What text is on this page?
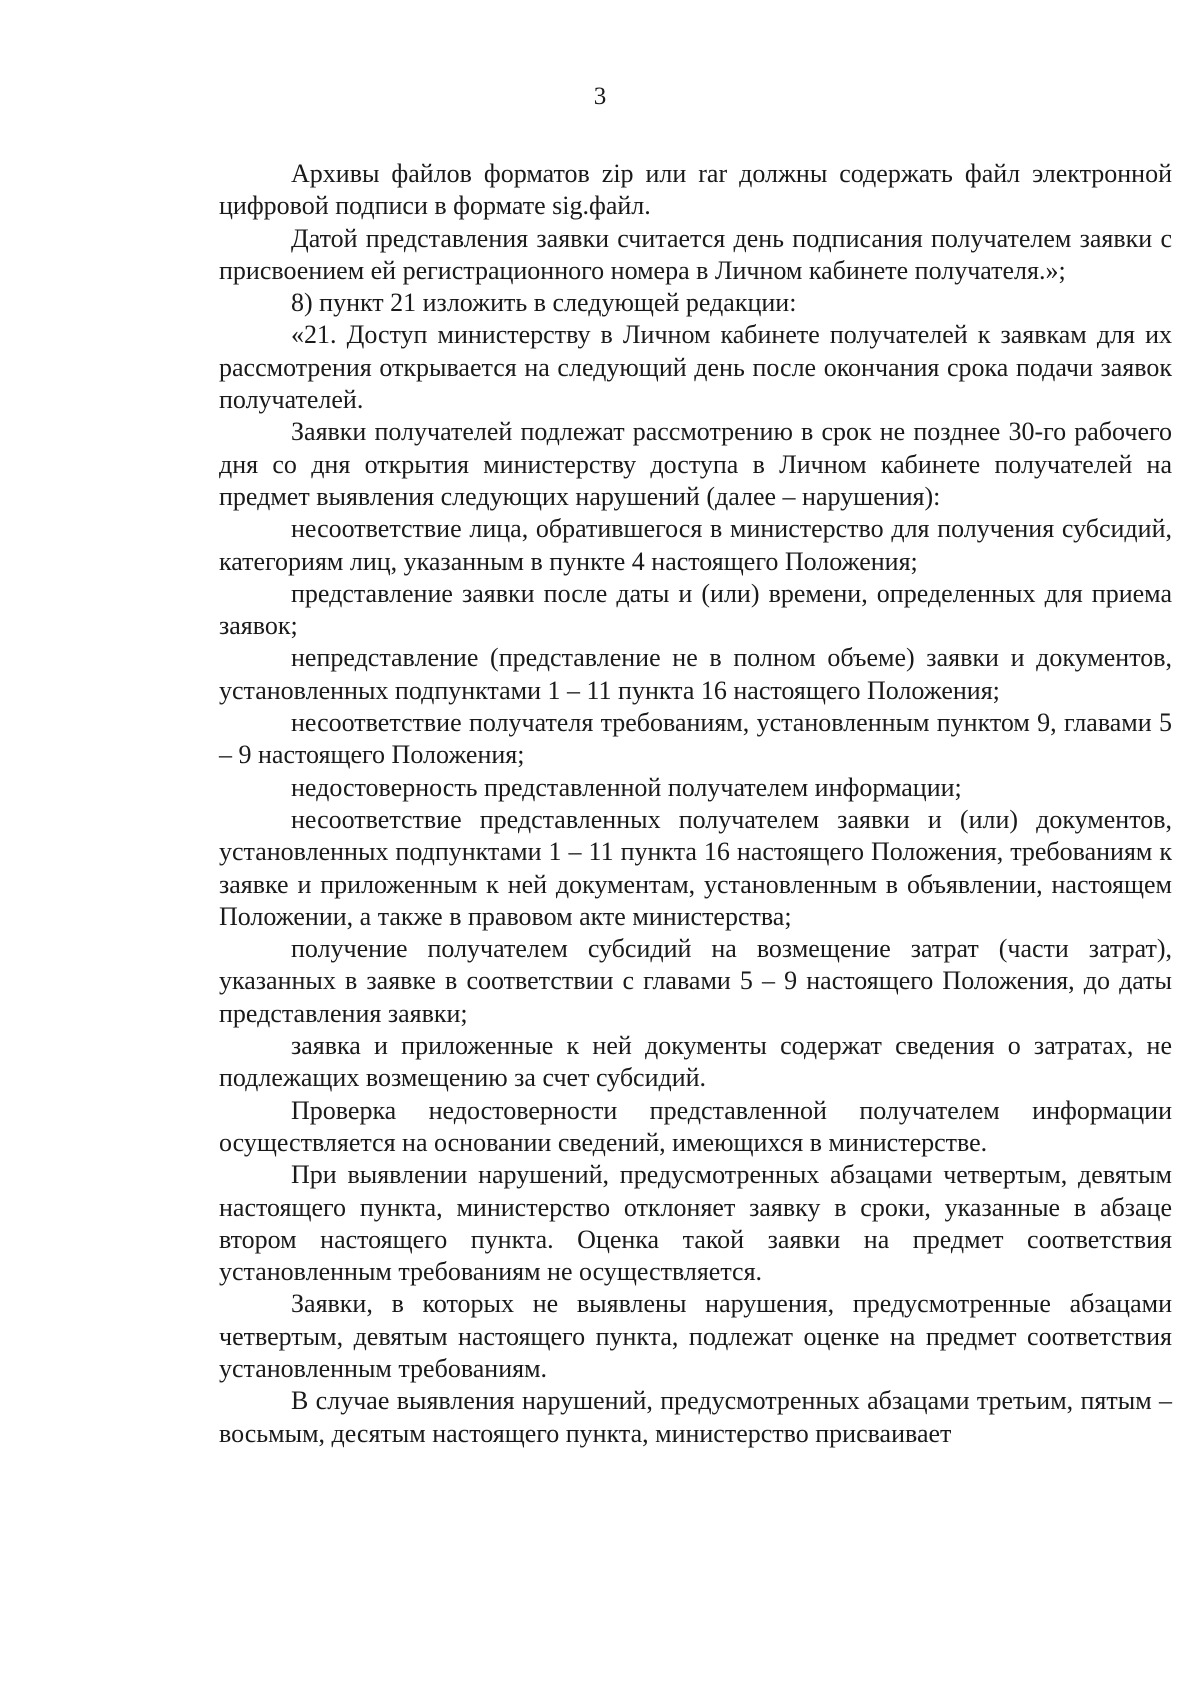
3

Архивы файлов форматов zip или rar должны содержать файл электронной цифровой подписи в формате sig.файл.

Датой представления заявки считается день подписания получателем заявки с присвоением ей регистрационного номера в Личном кабинете получателя.»;

8) пункт 21 изложить в следующей редакции:

«21. Доступ министерству в Личном кабинете получателей к заявкам для их рассмотрения открывается на следующий день после окончания срока подачи заявок получателей.

Заявки получателей подлежат рассмотрению в срок не позднее 30-го рабочего дня со дня открытия министерству доступа в Личном кабинете получателей на предмет выявления следующих нарушений (далее – нарушения):

несоответствие лица, обратившегося в министерство для получения субсидий, категориям лиц, указанным в пункте 4 настоящего Положения;

представление заявки после даты и (или) времени, определенных для приема заявок;

непредставление (представление не в полном объеме) заявки и документов, установленных подпунктами 1 – 11 пункта 16 настоящего Положения;

несоответствие получателя требованиям, установленным пунктом 9, главами 5 – 9 настоящего Положения;

недостоверность представленной получателем информации;

несоответствие представленных получателем заявки и (или) документов, установленных подпунктами 1 – 11 пункта 16 настоящего Положения, требованиям к заявке и приложенным к ней документам, установленным в объявлении, настоящем Положении, а также в правовом акте министерства;

получение получателем субсидий на возмещение затрат (части затрат), указанных в заявке в соответствии с главами 5 – 9 настоящего Положения, до даты представления заявки;

заявка и приложенные к ней документы содержат сведения о затратах, не подлежащих возмещению за счет субсидий.

Проверка недостоверности представленной получателем информации осуществляется на основании сведений, имеющихся в министерстве.

При выявлении нарушений, предусмотренных абзацами четвертым, девятым настоящего пункта, министерство отклоняет заявку в сроки, указанные в абзаце втором настоящего пункта. Оценка такой заявки на предмет соответствия установленным требованиям не осуществляется.

Заявки, в которых не выявлены нарушения, предусмотренные абзацами четвертым, девятым настоящего пункта, подлежат оценке на предмет соответствия установленным требованиям.

В случае выявления нарушений, предусмотренных абзацами третьим, пятым – восьмым, десятым настоящего пункта, министерство присваивает
